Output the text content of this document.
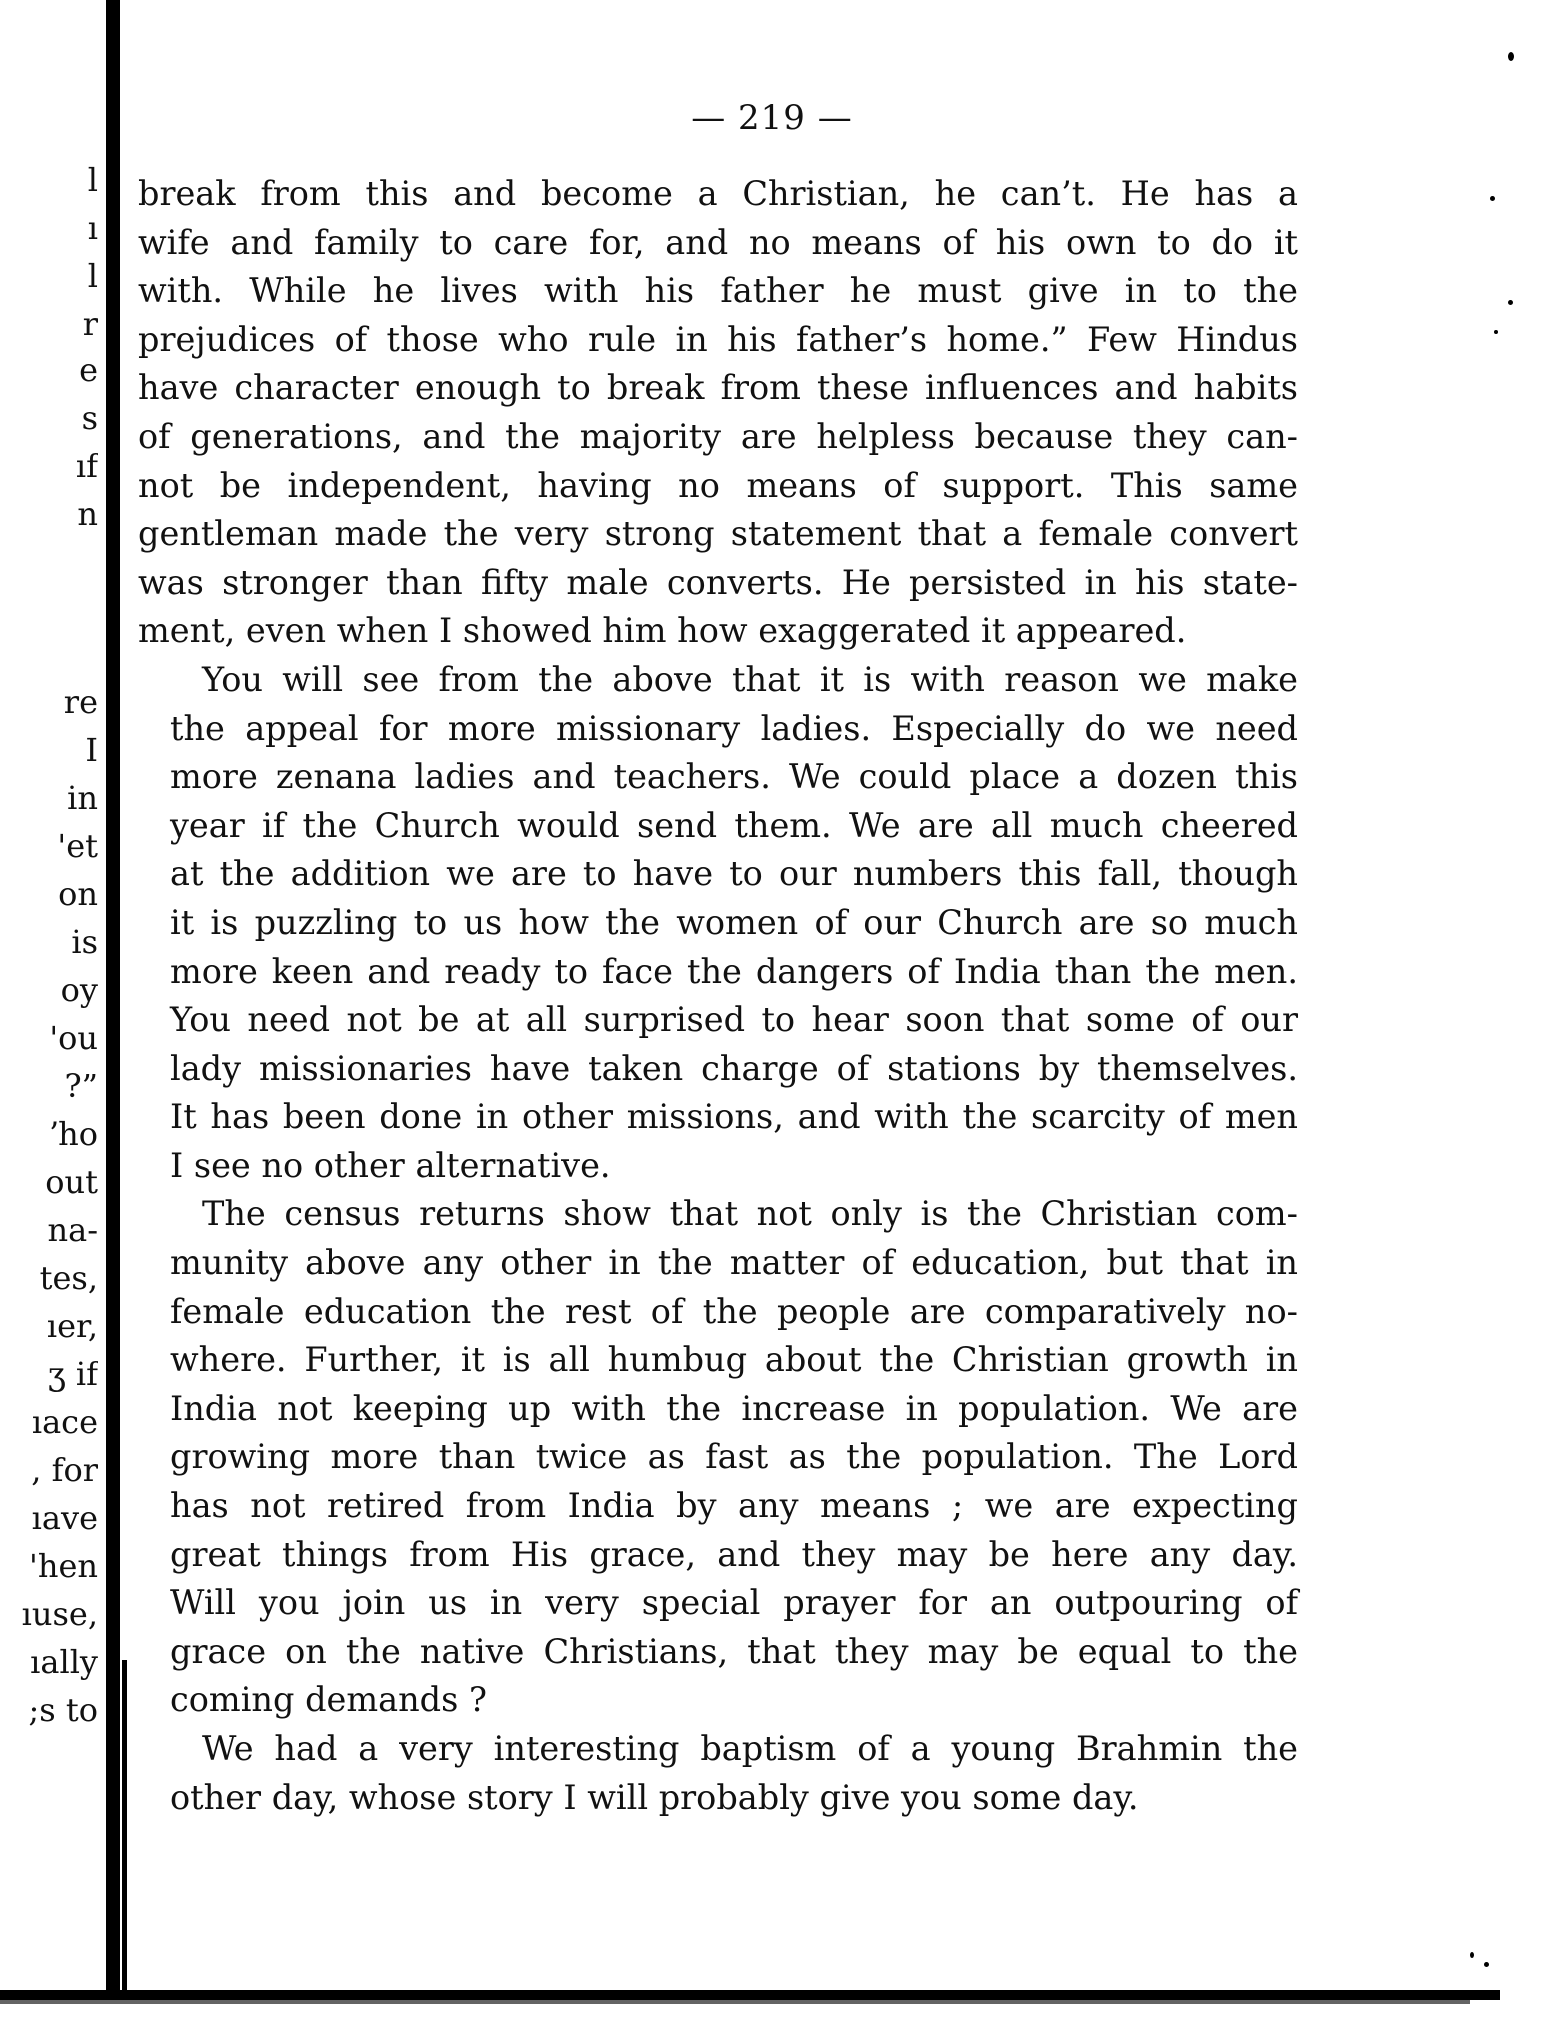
l
ı
l
r
e
s
ıf
n
re
I
in
'et
on
is
oy
'ou
?”
ʼho
out
na-
tes,
ıer,
ʒ if
ıace
, for
ıave
'hen
ıuse,
ıally
;s to
— 219 —

break from this and become a Christian, he can’t. He has a
wife and family to care for, and no means of his own to do it
with. While he lives with his father he must give in to the
prejudices of those who rule in his father’s home.” Few Hindus
have character enough to break from these influences and habits
of generations, and the majority are helpless because they can-
not be independent, having no means of support. This same
gentleman made the very strong statement that a female convert
was stronger than fifty male converts. He persisted in his state-
ment, even when I showed him how exaggerated it appeared.

You will see from the above that it is with reason we make
the appeal for more missionary ladies. Especially do we need
more zenana ladies and teachers. We could place a dozen this
year if the Church would send them. We are all much cheered
at the addition we are to have to our numbers this fall, though
it is puzzling to us how the women of our Church are so much
more keen and ready to face the dangers of India than the men.
You need not be at all surprised to hear soon that some of our
lady missionaries have taken charge of stations by themselves.
It has been done in other missions, and with the scarcity of men
I see no other alternative.

The census returns show that not only is the Christian com-
munity above any other in the matter of education, but that in
female education the rest of the people are comparatively no-
where. Further, it is all humbug about the Christian growth in
India not keeping up with the increase in population. We are
growing more than twice as fast as the population. The Lord
has not retired from India by any means ; we are expecting
great things from His grace, and they may be here any day.
Will you join us in very special prayer for an outpouring of
grace on the native Christians, that they may be equal to the
coming demands ?

We had a very interesting baptism of a young Brahmin the
other day, whose story I will probably give you some day.
